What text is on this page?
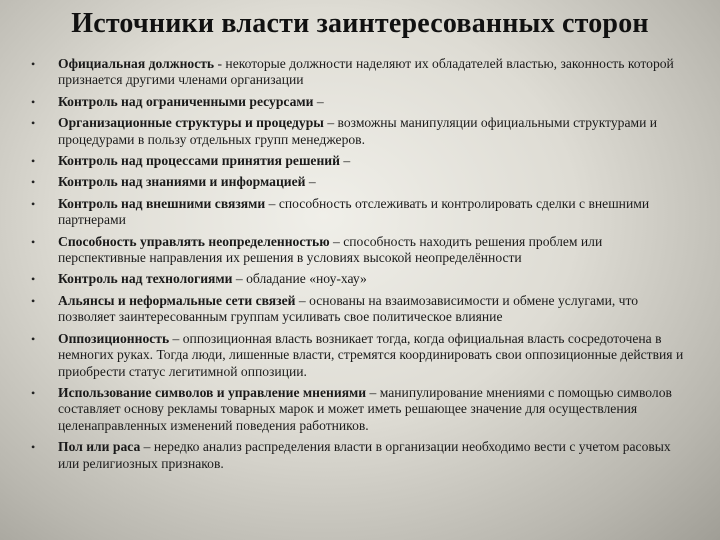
Источники власти заинтересованных сторон
• Официальная должность - некоторые должности наделяют их обладателей властью, законность которой признается другими членами организации
• Контроль над ограниченными ресурсами –
• Организационные структуры и процедуры – возможны манипуляции официальными структурами и процедурами в пользу отдельных групп менеджеров.
• Контроль над процессами принятия решений –
• Контроль над знаниями и информацией –
• Контроль над внешними связями – способность отслеживать и контролировать сделки с внешними партнерами
• Способность управлять неопределенностью – способность находить решения проблем или перспективные направления их решения в условиях высокой неопределённости
• Контроль над технологиями – обладание «ноу-хау»
• Альянсы и неформальные сети связей – основаны на взаимозависимости и обмене услугами, что позволяет заинтересованным группам усиливать свое политическое влияние
• Оппозиционность – оппозиционная власть возникает тогда, когда официальная власть сосредоточена в немногих руках. Тогда люди, лишенные власти, стремятся координировать свои оппозиционные действия и приобрести статус легитимной оппозиции.
• Использование символов и управление мнениями – манипулирование мнениями с помощью символов составляет основу рекламы товарных марок и может иметь решающее значение для осуществления целенаправленных изменений поведения работников.
• Пол или раса – нередко анализ распределения власти в организации необходимо вести с учетом расовых или религиозных признаков.
